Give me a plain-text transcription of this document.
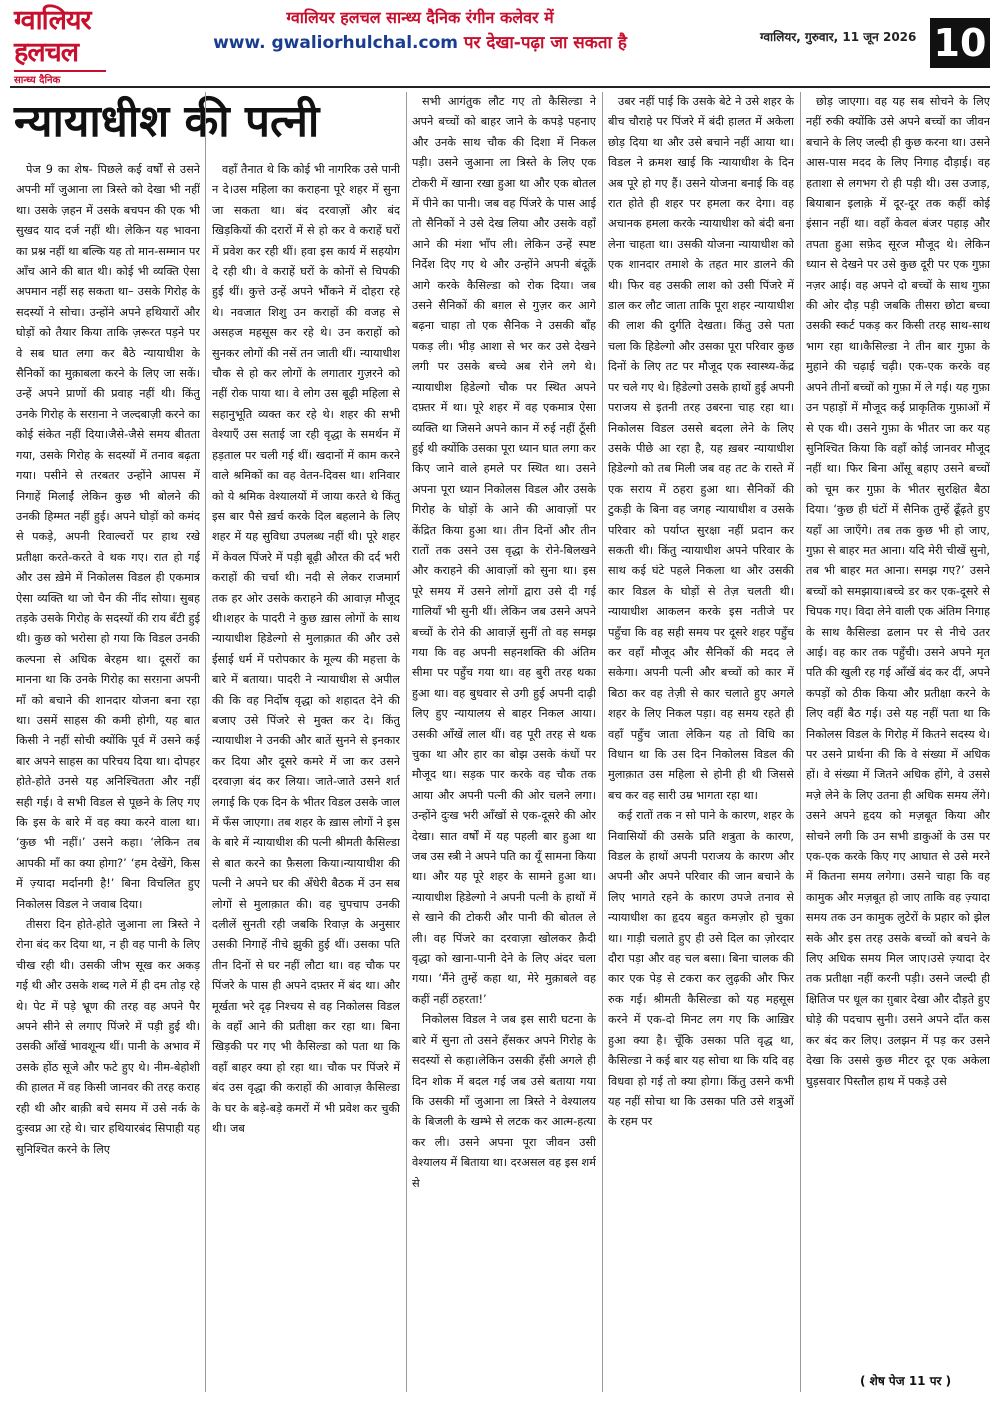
ग्वालियर
हलचल
सान्ध्य दैनिक
ग्वालियर हलचल सान्ध्य दैनिक रंगीन कलेवर में
www. gwaliorhulchal.com पर देखा-पढ़ा जा सकता है	ग्वालियर, गुरुवार, 11 जून 2026 10
न्यायाधीश की पत्नी

पेज 9 का शेष- पिछले कई वर्षों से उसने अपनी माँ जुआना ला त्रिस्ते को देखा भी नहीं था। उसके ज़हन में उसके बचपन की एक भी सुखद याद दर्ज नहीं थी। लेकिन यह भावना का प्रश्न नहीं था बल्कि यह तो मान-सम्मान पर आँच आने की बात थी। कोई भी व्यक्ति ऐसा अपमान नहीं सह सकता था– उसके गिरोह के सदस्यों ने सोचा। उन्होंने अपने हथियारों और घोड़ों को तैयार किया ताकि ज़रूरत पड़ने पर वे सब घात लगा कर बैठे न्यायाधीश के सैनिकों का मुक़ाबला करने के लिए जा सकें। उन्हें अपने प्राणों की प्रवाह नहीं थी। किंतु उनके गिरोह के सरग़ना ने जल्दबाज़ी करने का कोई संकेत नहीं दिया।जैसे-जैसे समय बीतता गया, उसके गिरोह के सदस्यों में तनाव बढ़ता गया। पसीने से तरबतर उन्होंने आपस में निगाहें मिलाईं लेकिन कुछ भी बोलने की उनकी हिम्मत नहीं हुई। अपने घोड़ों को कमंद से पकड़े, अपनी रिवाल्वरों पर हाथ रखे प्रतीक्षा करते-करते वे थक गए। रात हो गई और उस ख़ेमे में निकोलस विडल ही एकमात्र ऐसा व्यक्ति था जो चैन की नींद सोया। सुबह तड़के उसके गिरोह के सदस्यों की राय बँटी हुई थी। कुछ को भरोसा हो गया कि विडल उनकी कल्पना से अधिक बेरहम था। दूसरों का मानना था कि उनके गिरोह का सरग़ना अपनी माँ को बचाने की शानदार योजना बना रहा था। उसमें साहस की कमी होगी, यह बात किसी ने नहीं सोची क्योंकि पूर्व में उसने कई बार अपने साहस का परिचय दिया था। दोपहर होते-होते उनसे यह अनिश्चितता और नहीं सही गई। वे सभी विडल से पूछने के लिए गए कि इस के बारे में वह क्या करने वाला था। ‘कुछ भी नहीं।’ उसने कहा। ‘लेकिन तब आपकी माँ का क्या होगा?’ ‘हम देखेंगे, किस में ज़्यादा मर्दानगी है!’ बिना विचलित हुए निकोलस विडल ने जवाब दिया।

तीसरा दिन होते-होते जुआना ला त्रिस्ते ने रोना बंद कर दिया था, न ही वह पानी के लिए चीख रही थी। उसकी जीभ सूख कर अकड़ गई थी और उसके शब्द गले में ही दम तोड़ रहे थे। पेट में पड़े भ्रूण की तरह वह अपने पैर अपने सीने से लगाए पिंजरे में पड़ी हुई थी। उसकी आँखें भावशून्य थीं। पानी के अभाव में उसके होंठ सूजे और फटे हुए थे। नीम-बेहोशी की हालत में वह किसी जानवर की तरह कराह रही थी और बाक़ी बचे समय में उसे नर्क के दुःस्वप्न आ रहे थे। चार हथियारबंद सिपाही यह सुनिश्चित करने के लिए

वहाँ तैनात थे कि कोई भी नागरिक उसे पानी न दे।उस महिला का कराहना पूरे शहर में सुना जा सकता था। बंद दरवाज़ों और बंद खिड़कियों की दरारों में से हो कर वे कराहें घरों में प्रवेश कर रही थीं। हवा इस कार्य में सहयोग दे रही थी। वे कराहें घरों के कोनों से चिपकी हुई थीं। कुत्ते उन्हें अपने भौंकने में दोहरा रहे थे। नवजात शिशु उन कराहों की वजह से असहज महसूस कर रहे थे। उन कराहों को सुनकर लोगों की नसें तन जाती थीं। न्यायाधीश चौक से हो कर लोगों के लगातार गुज़रने को नहीं रोक पाया था। वे लोग उस बूढ़ी महिला से सहानुभूति व्यक्त कर रहे थे। शहर की सभी वेश्याएँ उस सताई जा रही वृद्धा के समर्थन में हड़ताल पर चली गई थीं। खदानों में काम करने वाले श्रमिकों का वह वेतन-दिवस था। शनिवार को ये श्रमिक वेश्यालयों में जाया करते थे किंतु इस बार पैसे ख़र्च करके दिल बहलाने के लिए शहर में यह सुविधा उपलब्ध नहीं थी। पूरे शहर में केवल पिंजरे में पड़ी बूढ़ी औरत की दर्द भरी कराहों की चर्चा थी। नदी से लेकर राजमार्ग तक हर ओर उसके कराहने की आवाज़ मौजूद थी।शहर के पादरी ने कुछ ख़ास लोगों के साथ न्यायाधीश हिडेल्गो से मुलाक़ात की और उसे ईसाई धर्म में परोपकार के मूल्य की महत्ता के बारे में बताया। पादरी ने न्यायाधीश से अपील की कि वह निर्दोष वृद्धा को शहादत देने की बजाए उसे पिंजरे से मुक्त कर दे। किंतु न्यायाधीश ने उनकी और बातें सुनने से इनकार कर दिया और दूसरे कमरे में जा कर उसने दरवाज़ा बंद कर लिया। जाते-जाते उसने शर्त लगाई कि एक दिन के भीतर विडल उसके जाल में फँस जाएगा। तब शहर के ख़ास लोगों ने इस के बारे में न्यायाधीश की पत्नी श्रीमती कैसिल्डा से बात करने का फ़ैसला किया।न्यायाधीश की पत्नी ने अपने घर की अँधेरी बैठक में उन सब लोगों से मुलाक़ात की। वह चुपचाप उनकी दलीलें सुनती रही जबकि रिवाज़ के अनुसार उसकी निगाहें नीचे झुकी हुई थीं। उसका पति तीन दिनों से घर नहीं लौटा था। वह चौक पर पिंजरे के पास ही अपने दफ़्तर में बंद था। और मूर्खता भरे दृढ़ निश्चय से वह निकोलस विडल के वहाँ आने की प्रतीक्षा कर रहा था। बिना खिड़की पर गए भी कैसिल्डा को पता था कि वहाँ बाहर क्या हो रहा था। चौक पर पिंजरे में बंद उस वृद्धा की कराहों की आवाज़ कैसिल्डा के घर के बड़े-बड़े कमरों में भी प्रवेश कर चुकी थी। जब

सभी आगंतुक लौट गए तो कैसिल्डा ने अपने बच्चों को बाहर जाने के कपड़े पहनाए और उनके साथ चौक की दिशा में निकल पड़ी। उसने जुआना ला त्रिस्ते के लिए एक टोकरी में खाना रखा हुआ था और एक बोतल में पीने का पानी। जब वह पिंजरे के पास आई तो सैनिकों ने उसे देख लिया और उसके वहाँ आने की मंशा भाँप ली। लेकिन उन्हें स्पष्ट निर्देश दिए गए थे और उन्होंने अपनी बंदूक़ें आगे करके कैसिल्डा को रोक दिया। जब उसने सैनिकों की बग़ल से गुज़र कर आगे बढ़ना चाहा तो एक सैनिक ने उसकी बाँह पकड़ ली। भीड़ आशा से भर कर उसे देखने लगी पर उसके बच्चे अब रोने लगे थे।न्यायाधीश हिडेल्गो चौक पर स्थित अपने दफ़्तर में था। पूरे शहर में वह एकमात्र ऐसा व्यक्ति था जिसने अपने कान में रुई नहीं ठूँसी हुई थी क्योंकि उसका पूरा ध्यान घात लगा कर किए जाने वाले हमले पर स्थित था। उसने अपना पूरा ध्यान निकोलस विडल और उसके गिरोह के घोड़ों के आने की आवाज़ों पर केंद्रित किया हुआ था। तीन दिनों और तीन रातों तक उसने उस वृद्धा के रोने-बिलखने और कराहने की आवाज़ों को सुना था। इस पूरे समय में उसने लोगों द्वारा उसे दी गई गालियाँ भी सुनी थीं। लेकिन जब उसने अपने बच्चों के रोने की आवाज़ें सुनीं तो वह समझ गया कि वह अपनी सहनशक्ति की अंतिम सीमा पर पहुँच गया था। वह बुरी तरह थका हुआ था। वह बुधवार से उगी हुई अपनी दाढ़ी लिए हुए न्यायालय से बाहर निकल आया। उसकी आँखें लाल थीं। वह पूरी तरह से थक चुका था और हार का बोझ उसके कंधों पर मौजूद था। सड़क पार करके वह चौक तक आया और अपनी पत्नी की ओर चलने लगा। उन्होंने दुःख भरी आँखों से एक-दूसरे की ओर देखा। सात वर्षों में यह पहली बार हुआ था जब उस स्त्री ने अपने पति का यूँ सामना किया था। और यह पूरे शहर के सामने हुआ था। न्यायाधीश हिडेल्गो ने अपनी पत्नी के हाथों में से खाने की टोकरी और पानी की बोतल ले ली। वह पिंजरे का दरवाज़ा खोलकर क़ैदी वृद्धा को खाना-पानी देने के लिए अंदर चला गया। ‘मैंने तुम्हें कहा था, मेरे मुक़ाबले वह कहीं नहीं ठहरता!’

निकोलस विडल ने जब इस सारी घटना के बारे में सुना तो उसने हँसकर अपने गिरोह के सदस्यों से कहा।लेकिन उसकी हँसी अगले ही दिन शोक में बदल गई जब उसे बताया गया कि उसकी माँ जुआना ला त्रिस्ते ने वेश्यालय के बिजली के खम्भे से लटक कर आत्म-हत्या कर ली। उसने अपना पूरा जीवन उसी वेश्यालय में बिताया था। दरअसल वह इस शर्म से

उबर नहीं पाई कि उसके बेटे ने उसे शहर के बीच चौराहे पर पिंजरे में बंदी हालत में अकेला छोड़ दिया था और उसे बचाने नहीं आया था।विडल ने क्रमश खाई कि न्यायाधीश के दिन अब पूरे हो गए हैं। उसने योजना बनाई कि वह रात होते ही शहर पर हमला कर देगा। वह अचानक हमला करके न्यायाधीश को बंदी बना लेना चाहता था। उसकी योजना न्यायाधीश को एक शानदार तमाशे के तहत मार डालने की थी। फिर वह उसकी लाश को उसी पिंजरे में डाल कर लौट जाता ताकि पूरा शहर न्यायाधीश की लाश की दुर्गति देखता। किंतु उसे पता चला कि हिडेल्गो और उसका पूरा परिवार कुछ दिनों के लिए तट पर मौजूद एक स्वास्थ्य-केंद्र पर चले गए थे। हिडेल्गो उसके हाथों हुई अपनी पराजय से इतनी तरह उबरना चाह रहा था।निकोलस विडल उससे बदला लेने के लिए उसके पीछे आ रहा है, यह ख़बर न्यायाधीश हिडेल्गो को तब मिली जब वह तट के रास्ते में एक सराय में ठहरा हुआ था। सैनिकों की टुकड़ी के बिना वह जगह न्यायाधीश व उसके परिवार को पर्याप्त सुरक्षा नहीं प्रदान कर सकती थी। किंतु न्यायाधीश अपने परिवार के साथ कई घंटे पहले निकला था और उसकी कार विडल के घोड़ों से तेज़ चलती थी। न्यायाधीश आकलन करके इस नतीजे पर पहुँचा कि वह सही समय पर दूसरे शहर पहुँच कर वहाँ मौजूद और सैनिकों की मदद ले सकेगा। अपनी पत्नी और बच्चों को कार में बिठा कर वह तेज़ी से कार चलाते हुए अगले शहर के लिए निकल पड़ा। वह समय रहते ही वहाँ पहुँच जाता लेकिन यह तो विधि का विधान था कि उस दिन निकोलस विडल की मुलाक़ात उस महिला से होनी ही थी जिससे बच कर वह सारी उम्र भागता रहा था।

कई रातों तक न सो पाने के कारण, शहर के निवासियों की उसके प्रति शत्रुता के कारण, विडल के हाथों अपनी पराजय के कारण और अपनी और अपने परिवार की जान बचाने के लिए भागते रहने के कारण उपजे तनाव से न्यायाधीश का हृदय बहुत कमज़ोर हो चुका था। गाड़ी चलाते हुए ही उसे दिल का ज़ोरदार दौरा पड़ा और वह चल बसा। बिना चालक की कार एक पेड़ से टकरा कर लुढ़की और फिर रुक गई। श्रीमती कैसिल्डा को यह महसूस करने में एक-दो मिनट लग गए कि आख़िर हुआ क्या है। चूँकि उसका पति वृद्ध था, कैसिल्डा ने कई बार यह सोचा था कि यदि वह विधवा हो गई तो क्या होगा। किंतु उसने कभी यह नहीं सोचा था कि उसका पति उसे शत्रुओं के रहम पर

छोड़ जाएगा। वह यह सब सोचने के लिए नहीं रुकी क्योंकि उसे अपने बच्चों का जीवन बचाने के लिए जल्दी ही कुछ करना था। उसने आस-पास मदद के लिए निगाह दौड़ाई। वह हताशा से लगभग रो ही पड़ी थी। उस उजाड़, बियाबान इलाक़े में दूर-दूर तक कहीं कोई इंसान नहीं था। वहाँ केवल बंजर पहाड़ और तपता हुआ सफ़ेद सूरज मौजूद थे। लेकिन ध्यान से देखने पर उसे कुछ दूरी पर एक गुफ़ा नज़र आई। वह अपने दो बच्चों के साथ गुफ़ा की ओर दौड़ पड़ी जबकि तीसरा छोटा बच्चा उसकी स्कर्ट पकड़ कर किसी तरह साथ-साथ भाग रहा था।कैसिल्डा ने तीन बार गुफ़ा के मुहाने की चढ़ाई चढ़ी। एक-एक करके वह अपने तीनों बच्चों को गुफ़ा में ले गई। यह गुफ़ा उन पहाड़ों में मौजूद कई प्राकृतिक गुफ़ाओं में से एक थी। उसने गुफ़ा के भीतर जा कर यह सुनिश्चित किया कि वहाँ कोई जानवर मौजूद नहीं था। फिर बिना आँसू बहाए उसने बच्चों को चूम कर गुफ़ा के भीतर सुरक्षित बैठा दिया। ‘कुछ ही घंटों में सैनिक तुम्हें ढूँढ़ते हुए यहाँ आ जाएँगे। तब तक कुछ भी हो जाए, गुफ़ा से बाहर मत आना। यदि मेरी चीखें सुनो, तब भी बाहर मत आना। समझ गए?’ उसने बच्चों को समझाया।बच्चे डर कर एक-दूसरे से चिपक गए। विदा लेने वाली एक अंतिम निगाह के साथ कैसिल्डा ढलान पर से नीचे उतर आई। वह कार तक पहुँची। उसने अपने मृत पति की खुली रह गई आँखें बंद कर दीं, अपने कपड़ों को ठीक किया और प्रतीक्षा करने के लिए वहीं बैठ गई। उसे यह नहीं पता था कि निकोलस विडल के गिरोह में कितने सदस्य थे। पर उसने प्रार्थना की कि वे संख्या में अधिक हों। वे संख्या में जितने अधिक होंगे, वे उससे मज़े लेने के लिए उतना ही अधिक समय लेंगे। उसने अपने हृदय को मज़बूत किया और सोचने लगी कि उन सभी डाकुओं के उस पर एक-एक करके किए गए आघात से उसे मरने में कितना समय लगेगा। उसने चाहा कि वह कामुक और मज़बूत हो जाए ताकि वह ज़्यादा समय तक उन कामुक लुटेरों के प्रहार को झेल सके और इस तरह उसके बच्चों को बचने के लिए अधिक समय मिल जाए।उसे ज़्यादा देर तक प्रतीक्षा नहीं करनी पड़ी। उसने जल्दी ही क्षितिज पर धूल का ग़ुबार देखा और दौड़ते हुए घोड़े की पदचाप सुनी। उसने अपने दाँत कस कर बंद कर लिए। उलझन में पड़ कर उसने देखा कि उससे कुछ मीटर दूर एक अकेला घुड़सवार पिस्तौल हाथ में पकड़े उसे

( शेष पेज 11 पर )
